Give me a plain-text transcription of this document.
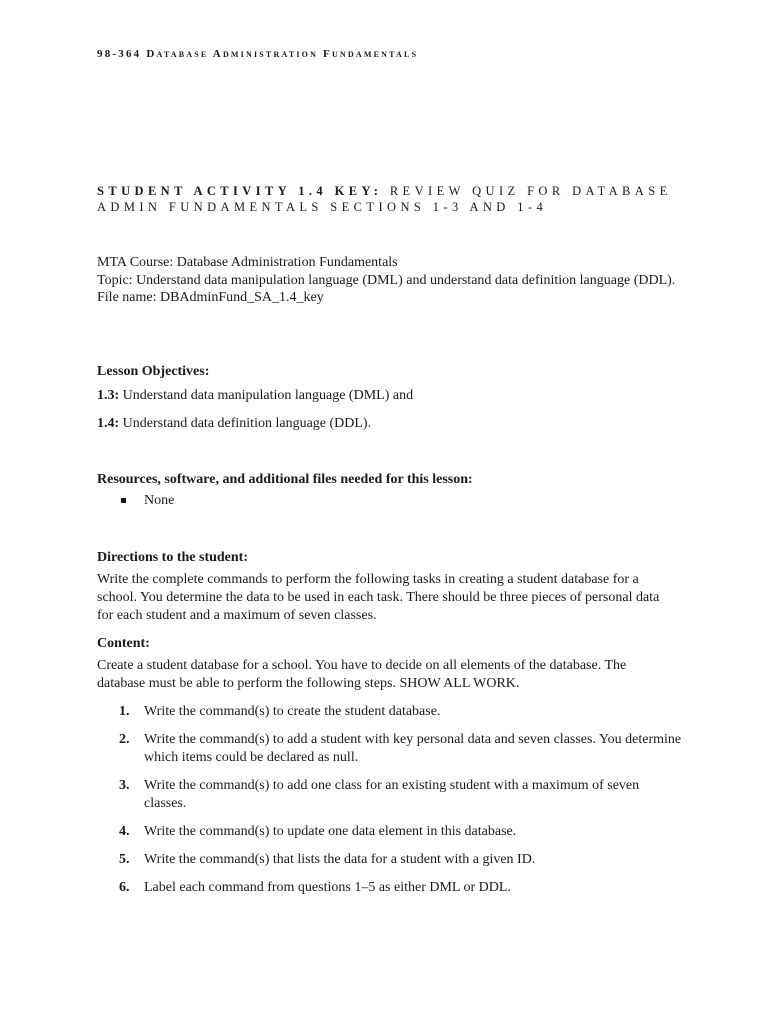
98-364 Database Administration Fundamentals
STUDENT ACTIVITY 1.4 KEY: REVIEW QUIZ FOR DATABASE ADMIN FUNDAMENTALS SECTIONS 1-3 AND 1-4
MTA Course: Database Administration Fundamentals
Topic: Understand data manipulation language (DML) and understand data definition language (DDL).
File name: DBAdminFund_SA_1.4_key
Lesson Objectives:
1.3: Understand data manipulation language (DML) and
1.4: Understand data definition language (DDL).
Resources, software, and additional files needed for this lesson:
None
Directions to the student:

Write the complete commands to perform the following tasks in creating a student database for a school. You determine the data to be used in each task. There should be three pieces of personal data for each student and a maximum of seven classes.

Content:

Create a student database for a school. You have to decide on all elements of the database. The database must be able to perform the following steps. SHOW ALL WORK.

1. Write the command(s) to create the student database.
2. Write the command(s) to add a student with key personal data and seven classes. You determine which items could be declared as null.
3. Write the command(s) to add one class for an existing student with a maximum of seven classes.
4. Write the command(s) to update one data element in this database.
5. Write the command(s) that lists the data for a student with a given ID.
6. Label each command from questions 1–5 as either DML or DDL.
